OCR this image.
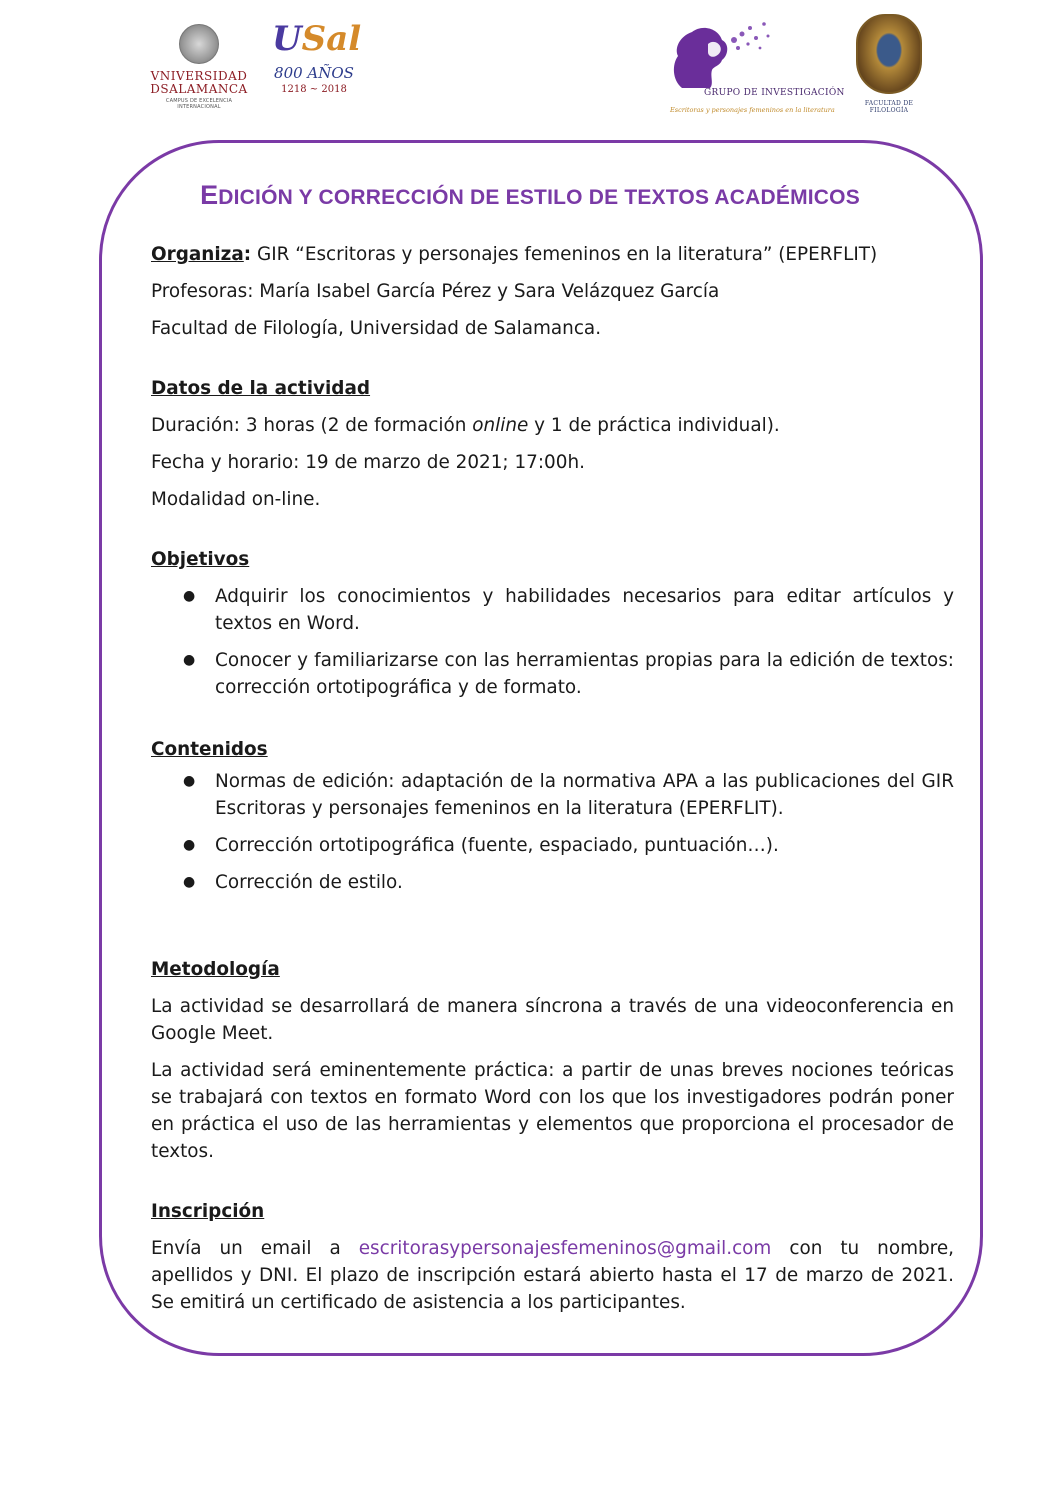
VNIVERSIDAD
DSALAMANCA
CAMPUS DE EXCELENCIA INTERNACIONAL
USal
800 AÑOS
1218 ~ 2018	GRUPO DE INVESTIGACIÓN
Escritoras y personajes femeninos en la literatura
FACULTAD DE FILOLOGÍA
EDICIÓN Y CORRECCIÓN DE ESTILO DE TEXTOS ACADÉMICOS

Organiza: GIR “Escritoras y personajes femeninos en la literatura” (EPERFLIT)

Profesoras: María Isabel García Pérez y Sara Velázquez García

Facultad de Filología, Universidad de Salamanca.

Datos de la actividad

Duración: 3 horas (2 de formación online y 1 de práctica individual).

Fecha y horario: 19 de marzo de 2021; 17:00h.

Modalidad on-line.

Objetivos

● Adquirir los conocimientos y habilidades necesarios para editar artículos y textos en Word.
● Conocer y familiarizarse con las herramientas propias para la edición de textos: corrección ortotipográfica y de formato.

Contenidos

● Normas de edición: adaptación de la normativa APA a las publicaciones del GIR Escritoras y personajes femeninos en la literatura (EPERFLIT).
● Corrección ortotipográfica (fuente, espaciado, puntuación…).
● Corrección de estilo.

Metodología

La actividad se desarrollará de manera síncrona a través de una videoconferencia en Google Meet.

La actividad será eminentemente práctica: a partir de unas breves nociones teóricas se trabajará con textos en formato Word con los que los investigadores podrán poner en práctica el uso de las herramientas y elementos que proporciona el procesador de textos.

Inscripción

Envía un email a escritorasypersonajesfemeninos@gmail.com con tu nombre, apellidos y DNI. El plazo de inscripción estará abierto hasta el 17 de marzo de 2021. Se emitirá un certificado de asistencia a los participantes.
